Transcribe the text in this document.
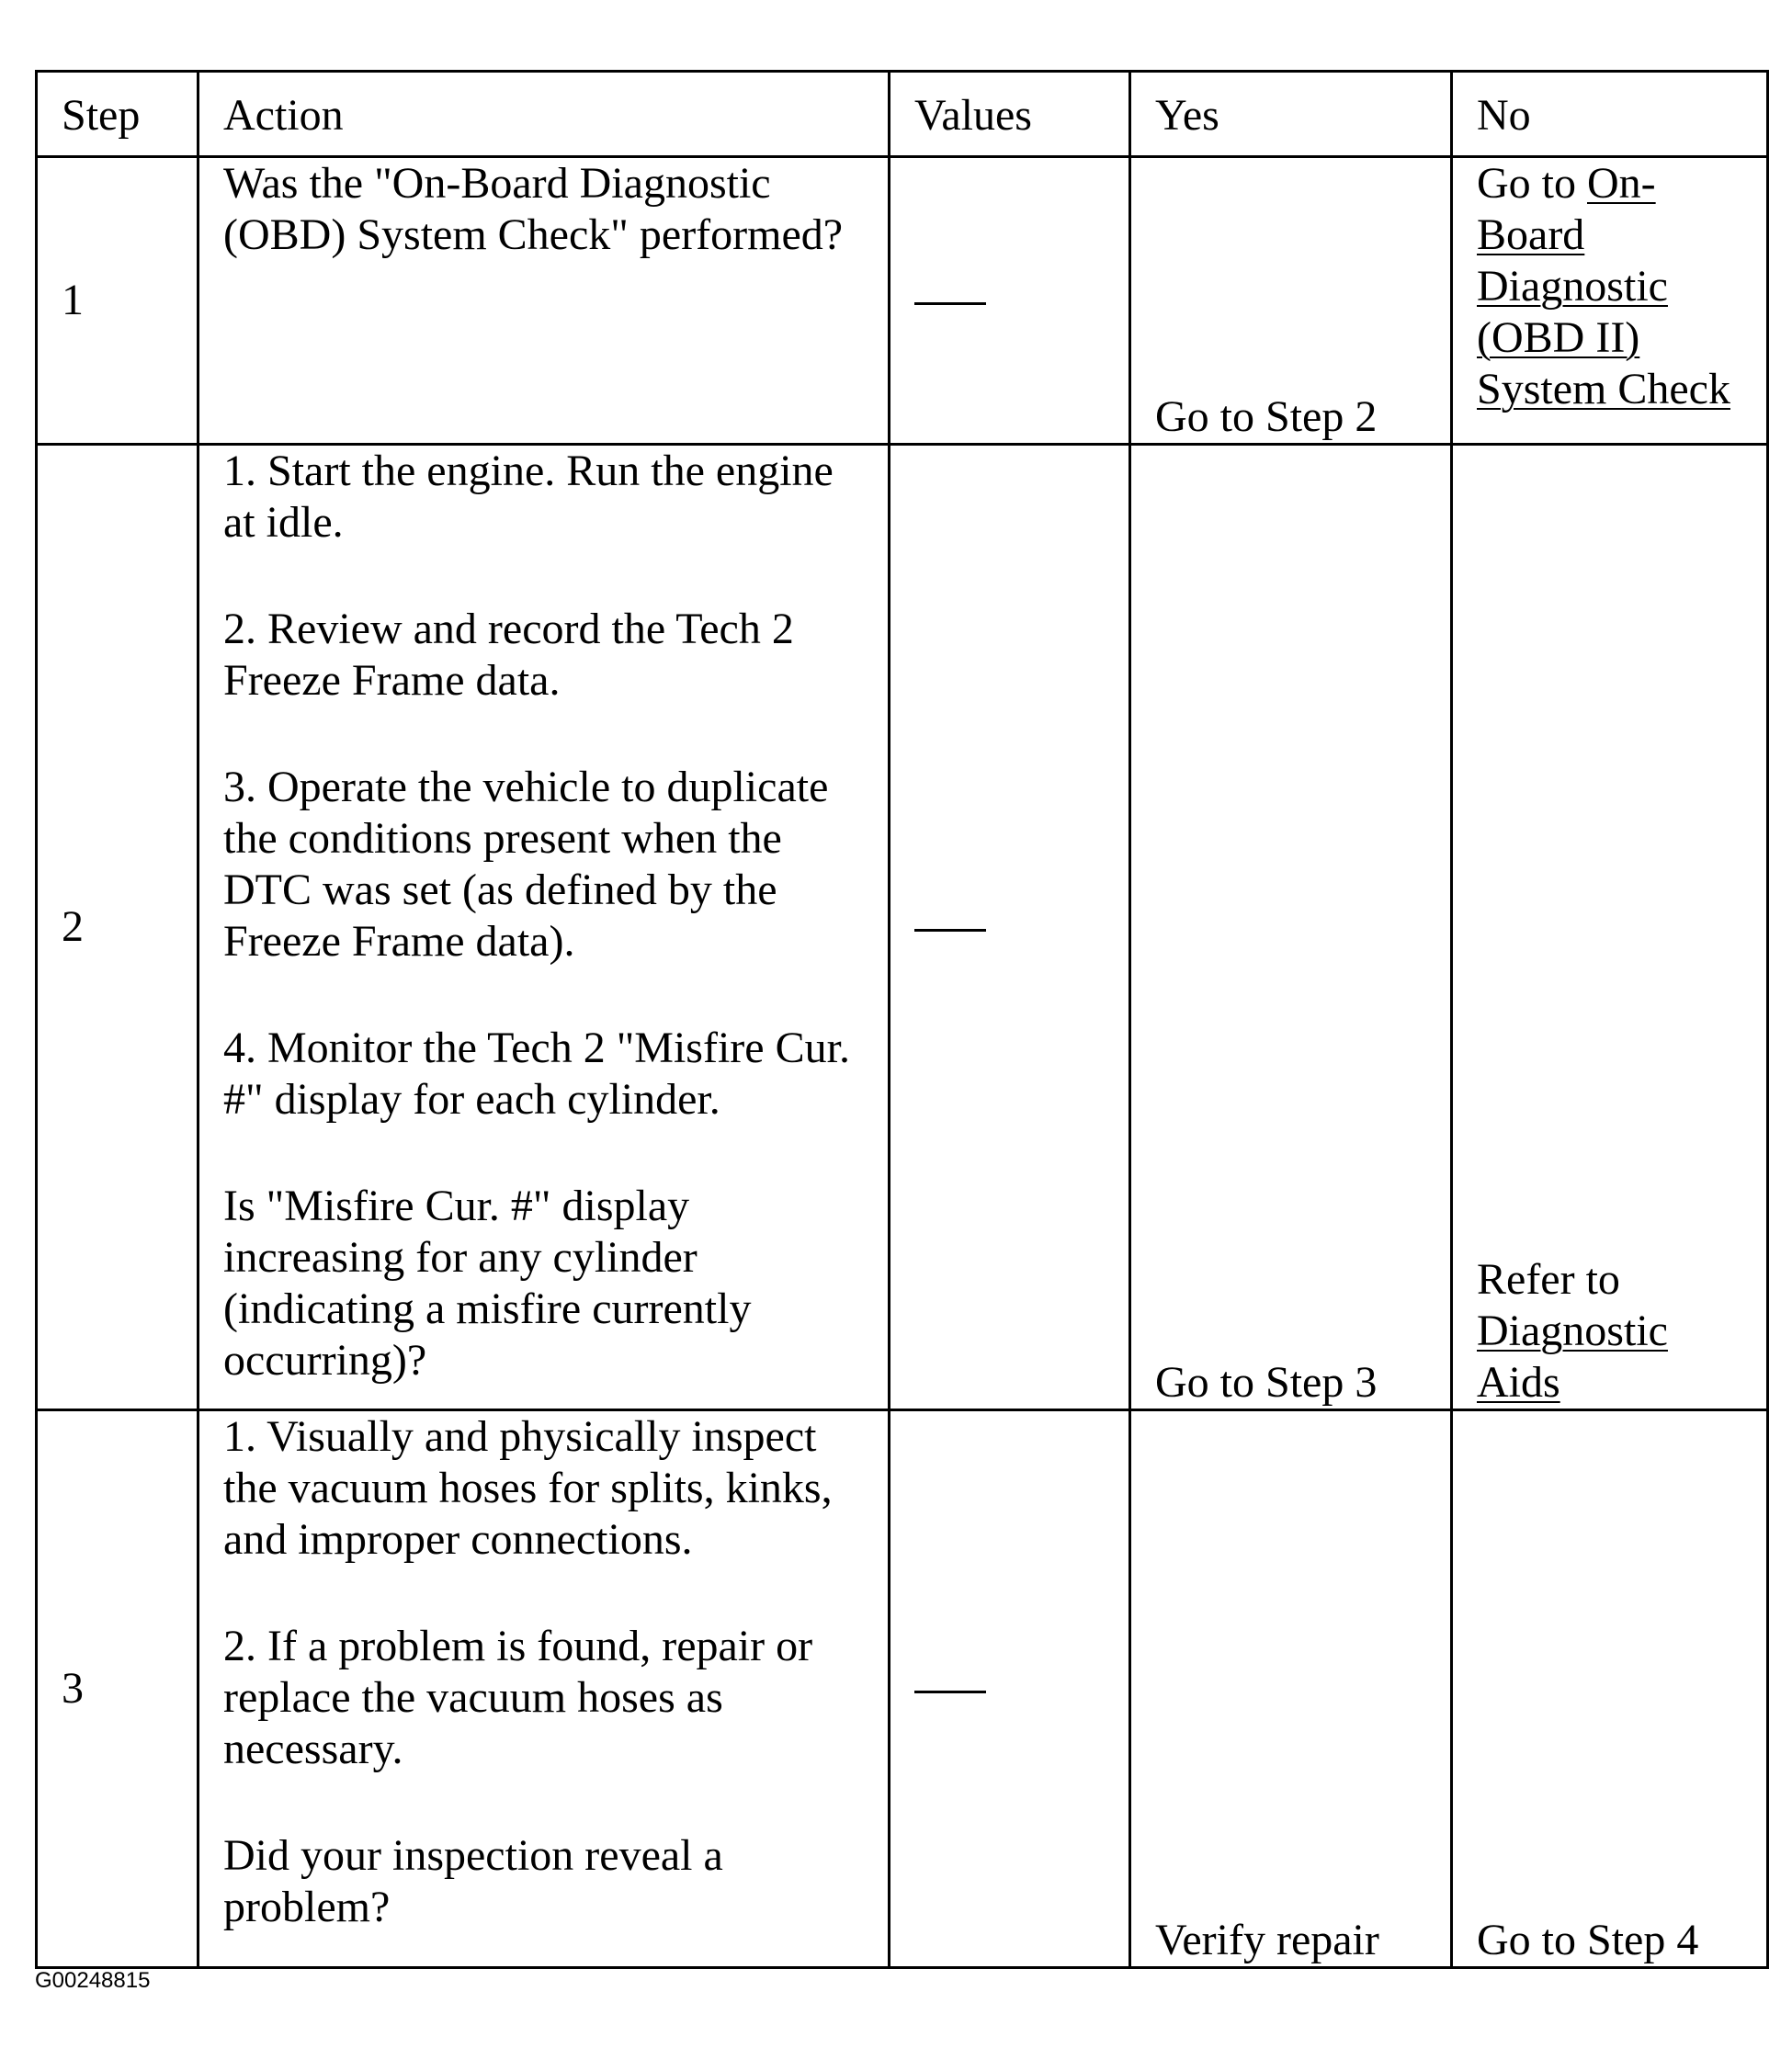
Step	Action	Values	Yes	No
1	Was the "On-Board Diagnostic (OBD) System Check" performed?		Go to Step 2	Go to On-Board Diagnostic (OBD II) System Check
2	1. Start the engine. Run the engine at idle.

2. Review and record the Tech 2 Freeze Frame data.

3. Operate the vehicle to duplicate the conditions present when the DTC was set (as defined by the Freeze Frame data).

4. Monitor the Tech 2 "Misfire Cur. #" display for each cylinder.

Is "Misfire Cur. #" display increasing for any cylinder (indicating a misfire currently occurring)?		Go to Step 3	Refer to Diagnostic Aids
3	1. Visually and physically inspect the vacuum hoses for splits, kinks, and improper connections.

2. If a problem is found, repair or replace the vacuum hoses as necessary.

Did your inspection reveal a problem?		Verify repair	Go to Step 4
G00248815
